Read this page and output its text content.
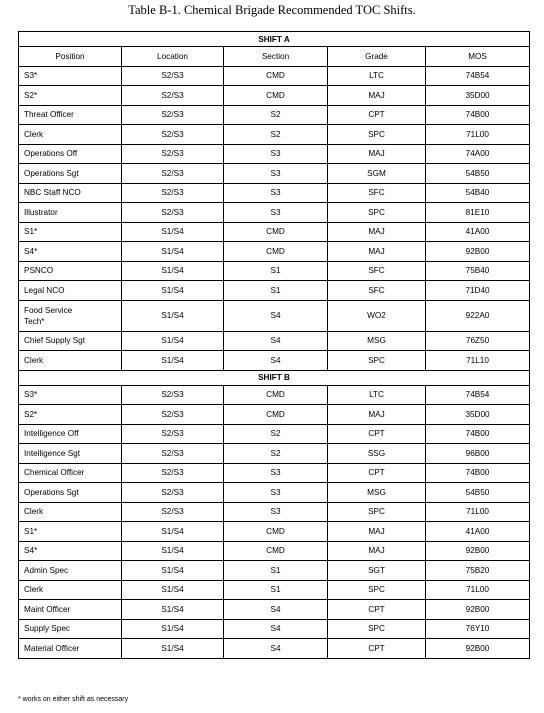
Table B-1. Chemical Brigade Recommended TOC Shifts.
SHIFT A				
Position	Location	Section	Grade	MOS
S3*	S2/S3	CMD	LTC	74B54
S2*	S2/S3	CMD	MAJ	35D00
Threat Officer	S2/S3	S2	CPT	74B00
Clerk	S2/S3	S2	SPC	71L00
Operations Off	S2/S3	S3	MAJ	74A00
Operations Sgt	S2/S3	S3	SGM	54B50
NBC Staff NCO	S2/S3	S3	SFC	54B40
Illustrator	S2/S3	S3	SPC	81E10
S1*	S1/S4	CMD	MAJ	41A00
S4*	S1/S4	CMD	MAJ	92B00
PSNCO	S1/S4	S1	SFC	75B40
Legal NCO	S1/S4	S1	SFC	71D40
Food Service Tech*	S1/S4	S4	WO2	922A0
Chief Supply Sgt	S1/S4	S4	MSG	76Z50
Clerk	S1/S4	S4	SPC	71L10
SHIFT B				
S3*	S2/S3	CMD	LTC	74B54
S2*	S2/S3	CMD	MAJ	35D00
Intelligence Off	S2/S3	S2	CPT	74B00
Intelligence Sgt	S2/S3	S2	SSG	96B00
Chemical Officer	S2/S3	S3	CPT	74B00
Operations Sgt	S2/S3	S3	MSG	54B50
Clerk	S2/S3	S3	SPC	71L00
S1*	S1/S4	CMD	MAJ	41A00
S4*	S1/S4	CMD	MAJ	92B00
Admin Spec	S1/S4	S1	SGT	75B20
Clerk	S1/S4	S1	SPC	71L00
Maint Officer	S1/S4	S4	CPT	92B00
Supply Spec	S1/S4	S4	SPC	76Y10
Material Officer	S1/S4	S4	CPT	92B00
* works on either shift as necessary
